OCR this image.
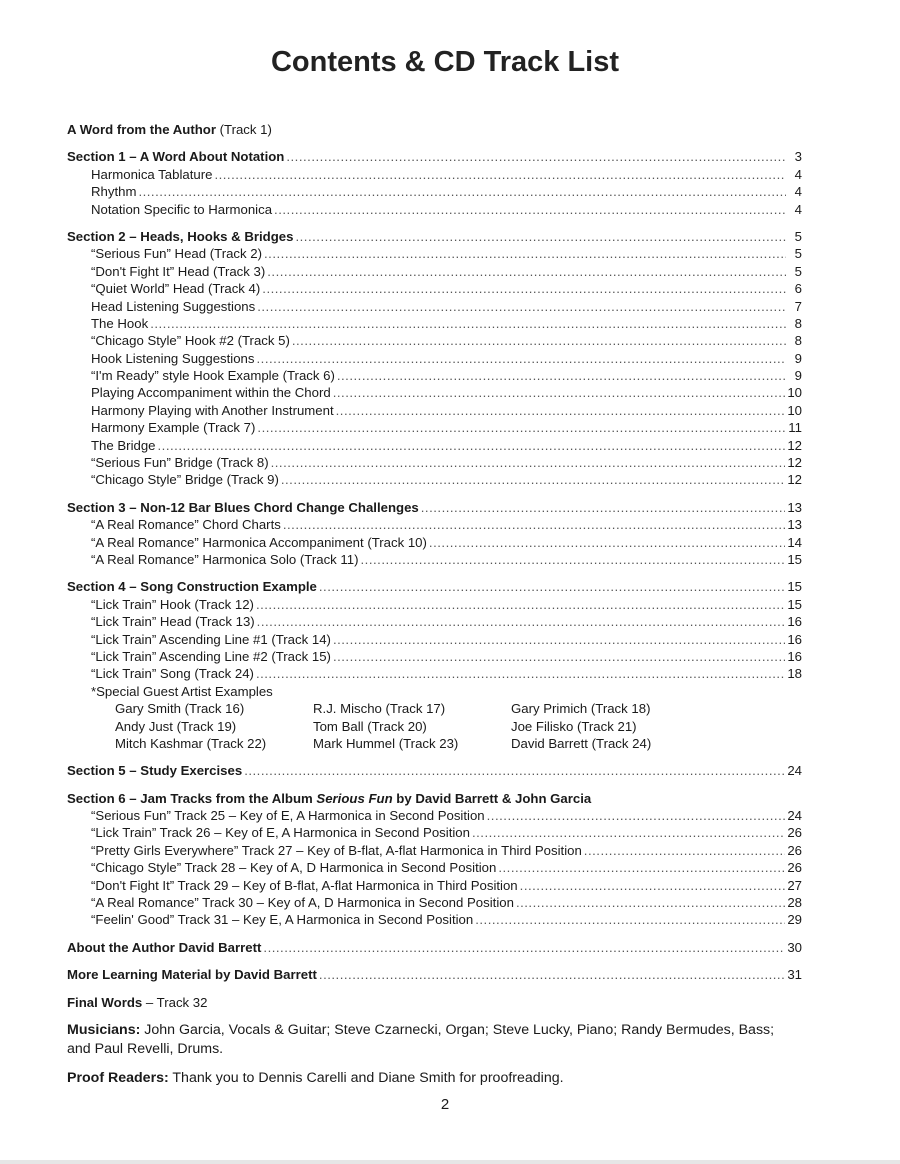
Contents & CD Track List
A Word from the Author (Track 1)
Section 1 – A Word About Notation .....	3
Harmonica Tablature .....	4
Rhythm .....	4
Notation Specific to Harmonica .....	4
Section 2 – Heads, Hooks & Bridges .....	5
“Serious Fun” Head (Track 2) .....	5
“Don't Fight It” Head (Track 3) .....	5
“Quiet World” Head (Track 4) .....	6
Head Listening Suggestions .....	7
The Hook .....	8
“Chicago Style” Hook #2 (Track 5) .....	8
Hook Listening Suggestions .....	9
“I'm Ready” style Hook Example (Track 6) .....	9
Playing Accompaniment within the Chord .....	10
Harmony Playing with Another Instrument .....	10
Harmony Example (Track 7) .....	11
The Bridge .....	12
“Serious Fun” Bridge (Track 8) .....	12
“Chicago Style” Bridge (Track 9) .....	12
Section 3 – Non-12 Bar Blues Chord Change Challenges .....	13
“A Real Romance” Chord Charts .....	13
“A Real Romance” Harmonica Accompaniment (Track 10) .....	14
“A Real Romance” Harmonica Solo (Track 11) .....	15
Section 4 – Song Construction Example .....	15
“Lick Train” Hook (Track 12) .....	15
“Lick Train” Head (Track 13) .....	16
“Lick Train” Ascending Line #1 (Track 14) .....	16
“Lick Train” Ascending Line #2 (Track 15) .....	16
“Lick Train” Song (Track 24) .....	18
*Special Guest Artist Examples
Gary Smith (Track 16)	R.J. Mischo (Track 17)	Gary Primich (Track 18)
Andy Just (Track 19)	Tom Ball (Track 20)	Joe Filisko (Track 21)
Mitch Kashmar (Track 22)	Mark Hummel (Track 23)	David Barrett (Track 24)
Section 5 – Study Exercises .....	24
Section 6 – Jam Tracks from the Album Serious Fun by David Barrett & John Garcia
“Serious Fun” Track 25 – Key of E, A Harmonica in Second Position .....	24
“Lick Train” Track 26 – Key of E, A Harmonica in Second Position .....	26
“Pretty Girls Everywhere” Track 27 – Key of B-flat, A-flat Harmonica in Third Position .....	26
“Chicago Style” Track 28 – Key of A, D Harmonica in Second Position .....	26
“Don't Fight It” Track 29 – Key of B-flat, A-flat Harmonica in Third Position .....	27
“A Real Romance” Track 30 – Key of A, D Harmonica in Second Position .....	28
“Feelin' Good” Track 31 – Key E, A Harmonica in Second Position .....	29
About the Author David Barrett .....	30
More Learning Material by David Barrett .....	31
Final Words – Track 32
Musicians: John Garcia, Vocals & Guitar; Steve Czarnecki, Organ; Steve Lucky, Piano; Randy Bermudes, Bass; and Paul Revelli, Drums.
Proof Readers: Thank you to Dennis Carelli and Diane Smith for proofreading.
2
